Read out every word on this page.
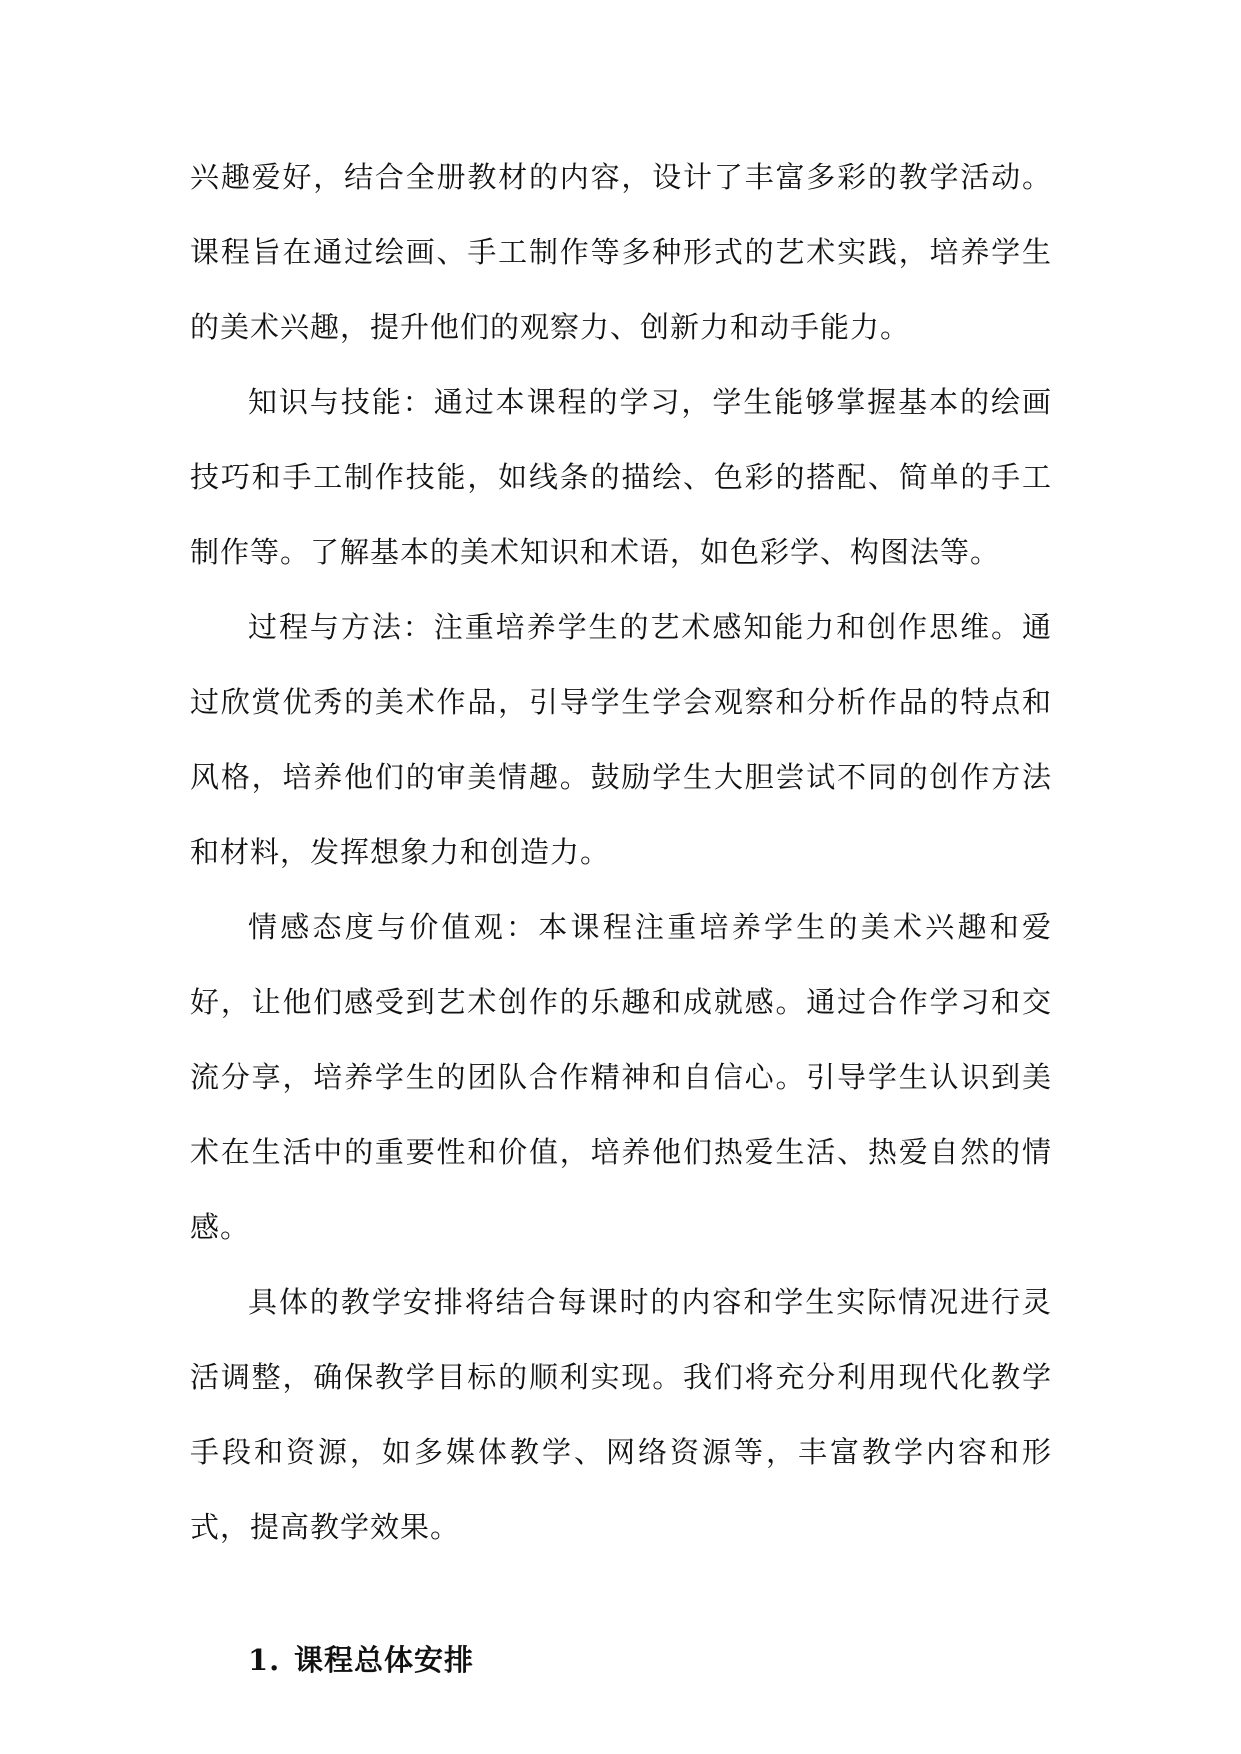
兴趣爱好，结合全册教材的内容，设计了丰富多彩的教学活动。课程旨在通过绘画、手工制作等多种形式的艺术实践，培养学生的美术兴趣，提升他们的观察力、创新力和动手能力。

知识与技能：通过本课程的学习，学生能够掌握基本的绘画技巧和手工制作技能，如线条的描绘、色彩的搭配、简单的手工制作等。了解基本的美术知识和术语，如色彩学、构图法等。

过程与方法：注重培养学生的艺术感知能力和创作思维。通过欣赏优秀的美术作品，引导学生学会观察和分析作品的特点和风格，培养他们的审美情趣。鼓励学生大胆尝试不同的创作方法和材料，发挥想象力和创造力。

情感态度与价值观：本课程注重培养学生的美术兴趣和爱好，让他们感受到艺术创作的乐趣和成就感。通过合作学习和交流分享，培养学生的团队合作精神和自信心。引导学生认识到美术在生活中的重要性和价值，培养他们热爱生活、热爱自然的情感。

具体的教学安排将结合每课时的内容和学生实际情况进行灵活调整，确保教学目标的顺利实现。我们将充分利用现代化教学手段和资源，如多媒体教学、网络资源等，丰富教学内容和形式，提高教学效果。

1. 课程总体安排
